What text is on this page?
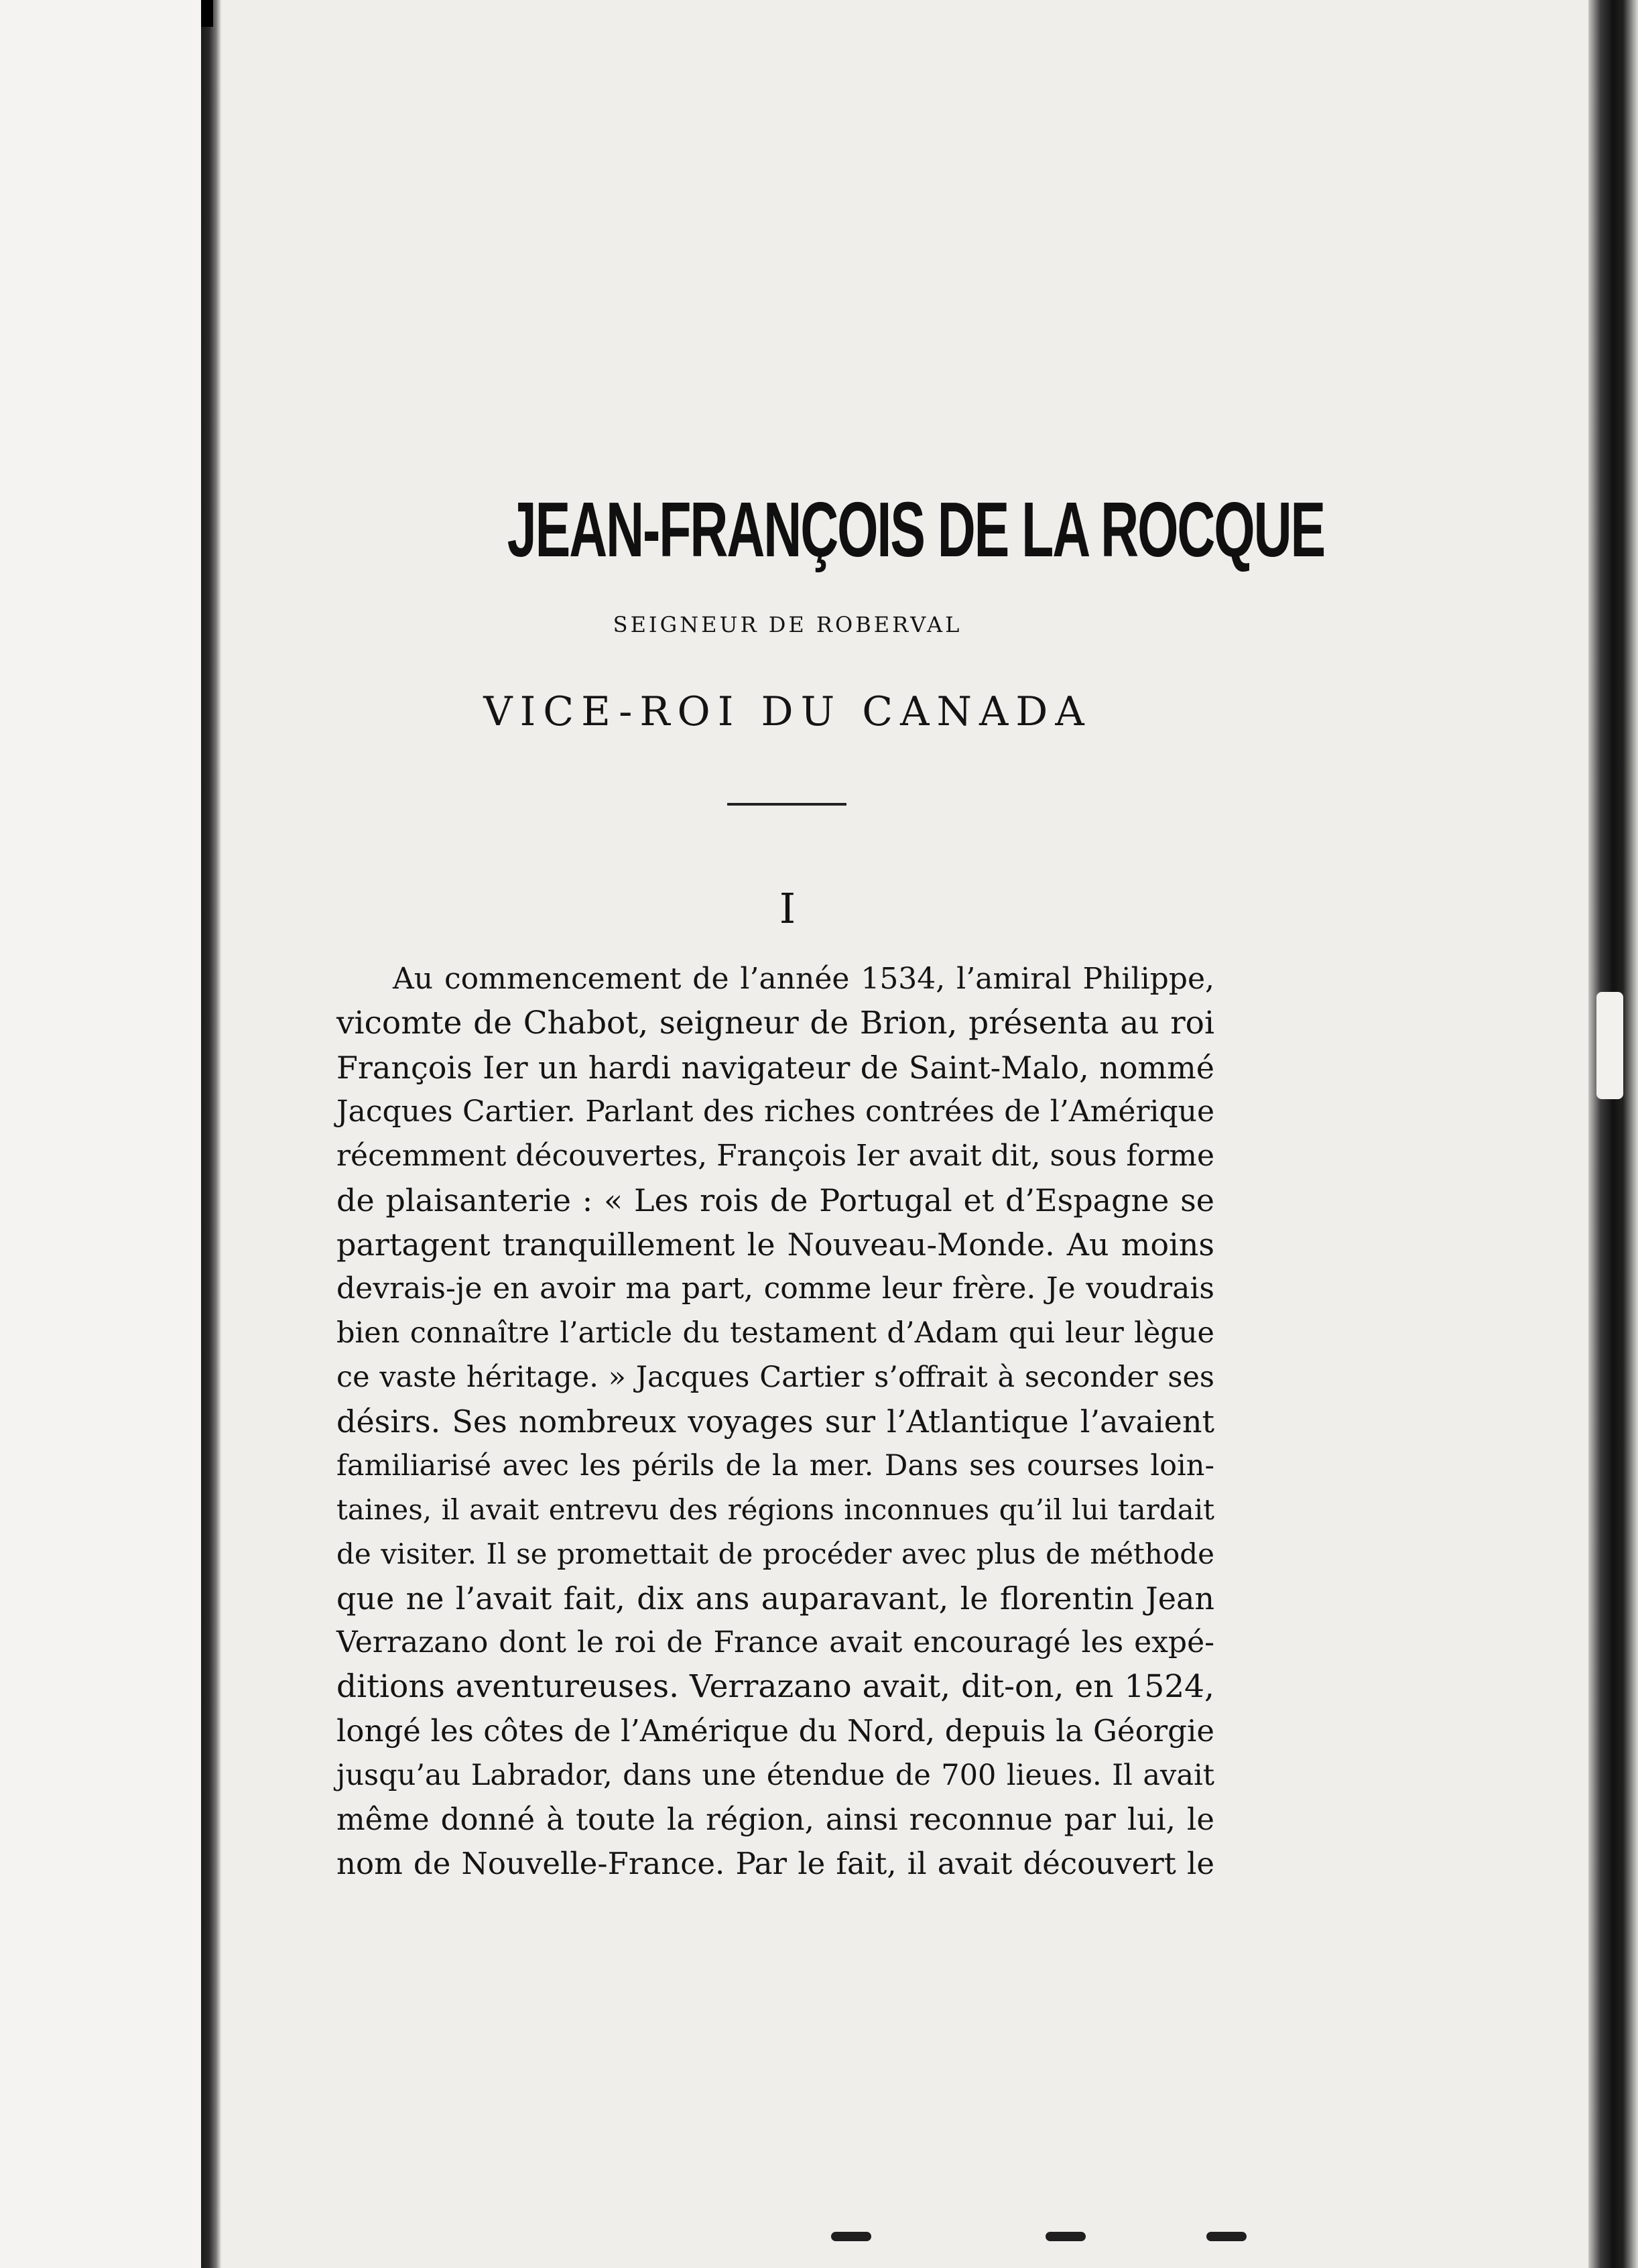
JEAN-FRANÇOIS DE LA ROCQUE
SEIGNEUR DE ROBERVAL
VICE-ROI DU CANADA
I
Au commencement de l’année 1534, l’amiral Philippe,
vicomte de Chabot, seigneur de Brion, présenta au roi
François Ier un hardi navigateur de Saint-Malo, nommé
Jacques Cartier. Parlant des riches contrées de l’Amérique
récemment découvertes, François Ier avait dit, sous forme
de plaisanterie : « Les rois de Portugal et d’Espagne se
partagent tranquillement le Nouveau-Monde. Au moins
devrais-je en avoir ma part, comme leur frère. Je voudrais
bien connaître l’article du testament d’Adam qui leur lègue
ce vaste héritage. » Jacques Cartier s’offrait à seconder ses
désirs. Ses nombreux voyages sur l’Atlantique l’avaient
familiarisé avec les périls de la mer. Dans ses courses loin-
taines, il avait entrevu des régions inconnues qu’il lui tardait
de visiter. Il se promettait de procéder avec plus de méthode
que ne l’avait fait, dix ans auparavant, le florentin Jean
Verrazano dont le roi de France avait encouragé les expé-
ditions aventureuses. Verrazano avait, dit-on, en 1524,
longé les côtes de l’Amérique du Nord, depuis la Géorgie
jusqu’au Labrador, dans une étendue de 700 lieues. Il avait
même donné à toute la région, ainsi reconnue par lui, le
nom de Nouvelle-France. Par le fait, il avait découvert le
